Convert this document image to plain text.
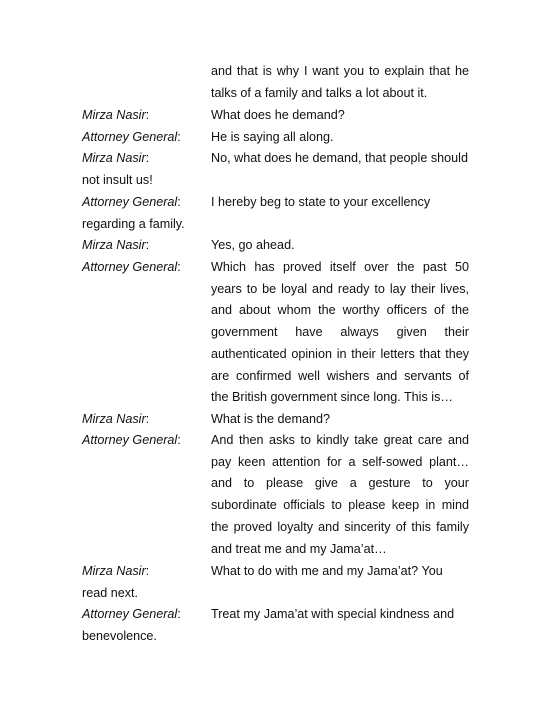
and that is why I want you to explain that he talks of a family and talks a lot about it.
Mirza Nasir:	What does he demand?
Attorney General: He is saying all along.
Mirza Nasir:	No, what does he demand, that people should
not insult us!
Attorney General: I hereby beg to state to your excellency
regarding a family.
Mirza Nasir:	Yes, go ahead.
Attorney General: Which has proved itself over the past 50 years to be loyal and ready to lay their lives, and about whom the worthy officers of the government have always given their authenticated opinion in their letters that they are confirmed well wishers and servants of the British government since long. This is…
Mirza Nasir:	What is the demand?
Attorney General: And then asks to kindly take great care and pay keen attention for a self-sowed plant…and to please give a gesture to your subordinate officials to please keep in mind the proved loyalty and sincerity of this family and treat me and my Jama’at…
Mirza Nasir:	What to do with me and my Jama’at? You
read next.
Attorney General: Treat my Jama’at with special kindness and
benevolence.
